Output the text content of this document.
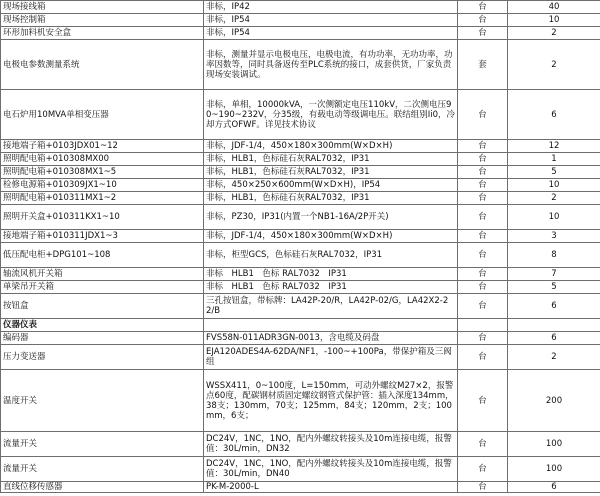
现场接线箱	非标，IP42	台	40
现场控制箱	非标，IP54	台	10
环形加料机安全盒	非标，IP54	台	2
电极电参数测量系统	非标，测量并显示电极电压，电极电流，有功功率，无功功率，功率因数等，同时具备返传至PLC系统的接口，成套供货，厂家负责现场安装调试。	套	2
电石炉用10MVA单相变压器	非标，单相，10000kVA，一次侧额定电压110kV，二次侧电压90~190~232V，分35级，有载电动等级调电压。联结组别Ii0，冷却方式OFWF。详见技术协议	台	6
接地端子箱+0103JDX01~12	非标，JDF-1/4，450×180×300mm(W×D×H)	台	12
照明配电箱+010308MX00	非标，HLB1，色标硅石灰RAL7032，IP31	台	1
照明配电箱+010308MX1~5	非标，HLB1，色标硅石灰RAL7032，IP31	台	5
检修电源箱+010309JX1~10	非标，450×250×600mm(W×D×H)，IP54	台	10
照明配电箱+010311MX1~2	非标，HLB1，色标硅石灰RAL7032，IP31	台	2
照明开关盒+010311KX1~10	非标，PZ30，IP31(内置一个NB1-16A/2P开关)	台	10
接地端子箱+010311JDX1~3	非标，JDF-1/4，450×180×300mm(W×D×H)	台	3
低压配电柜+DPG101~108	非标，柜型GCS，色标硅石灰RAL7032，IP31	台	8
轴流风机开关箱	非标　HLB1　色标 RAL7032　IP31	台	7
单梁吊开关箱	非标　HLB1　色标 RAL7032　IP31	台	5
按钮盒	三孔按钮盒，带标牌：LA42P-20/R，LA42P-02/G，LA42X2-22/B	台	6
仪器仪表			
编码器	FVS58N-011ADR3GN-0013，含电缆及码盘	台	6
压力变送器	EJA120ADES4A-62DA/NF1，-100~+100Pa，带保护箱及三阀组	台	2
温度开关	WSSX411，0~100度，L=150mm，可动外螺纹M27×2，报警点60度，配碳钢材质固定螺纹钢管式保护管：插入深度134mm，38支；130mm，70支；125mm，84支；120mm，2支；100mm，6支；	台	200
流量开关	DC24V，1NC，1NO，配内外螺纹转接头及10m连接电缆，报警值：30L/min，DN32	台	100
流量开关	DC24V，1NC，1NO，配内外螺纹转接头及10m连接电缆，报警值：30L/min，DN40	台	100
直线位移传感器	PK-M-2000-L	台	6
